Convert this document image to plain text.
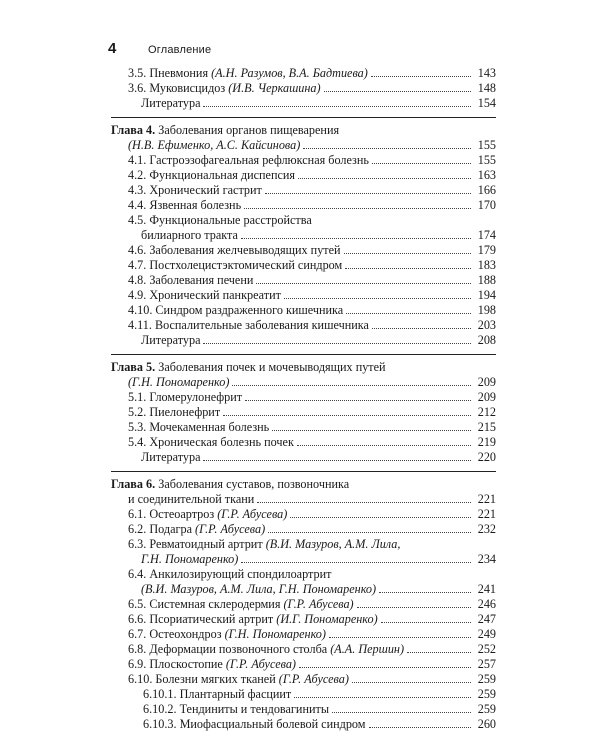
4	Оглавление
3.5. Пневмония (А.Н. Разумов, В.А. Бадтиева)	143
3.6. Муковисцидоз (И.В. Черкашина)	148
Литература	154
Глава 4. Заболевания органов пищеварения
(Н.В. Ефименко, А.С. Кайсинова)	155
4.1. Гастроэзофагеальная рефлюксная болезнь	155
4.2. Функциональная диспепсия	163
4.3. Хронический гастрит	166
4.4. Язвенная болезнь	170
4.5. Функциональные расстройства
билиарного тракта	174
4.6. Заболевания желчевыводящих путей	179
4.7. Постхолецистэктомический синдром	183
4.8. Заболевания печени	188
4.9. Хронический панкреатит	194
4.10. Синдром раздраженного кишечника	198
4.11. Воспалительные заболевания кишечника	203
Литература	208
Глава 5. Заболевания почек и мочевыводящих путей
(Г.Н. Пономаренко)	209
5.1. Гломерулонефрит	209
5.2. Пиелонефрит	212
5.3. Мочекаменная болезнь	215
5.4. Хроническая болезнь почек	219
Литература	220
Глава 6. Заболевания суставов, позвоночника
и соединительной ткани	221
6.1. Остеоартроз (Г.Р. Абусева)	221
6.2. Подагра (Г.Р. Абусева)	232
6.3. Ревматоидный артрит (В.И. Мазуров, А.М. Лила,
Г.Н. Пономаренко)	234
6.4. Анкилозирующий спондилоартрит
(В.И. Мазуров, А.М. Лила, Г.Н. Пономаренко)	241
6.5. Системная склеродермия (Г.Р. Абусева)	246
6.6. Псориатический артрит (И.Г. Пономаренко)	247
6.7. Остеохондроз (Г.Н. Пономаренко)	249
6.8. Деформации позвоночного столба (А.А. Першин)	252
6.9. Плоскостопие (Г.Р. Абусева)	257
6.10. Болезни мягких тканей (Г.Р. Абусева)	259
6.10.1. Плантарный фасциит	259
6.10.2. Тендиниты и тендовагиниты	259
6.10.3. Миофасциальный болевой синдром	260
